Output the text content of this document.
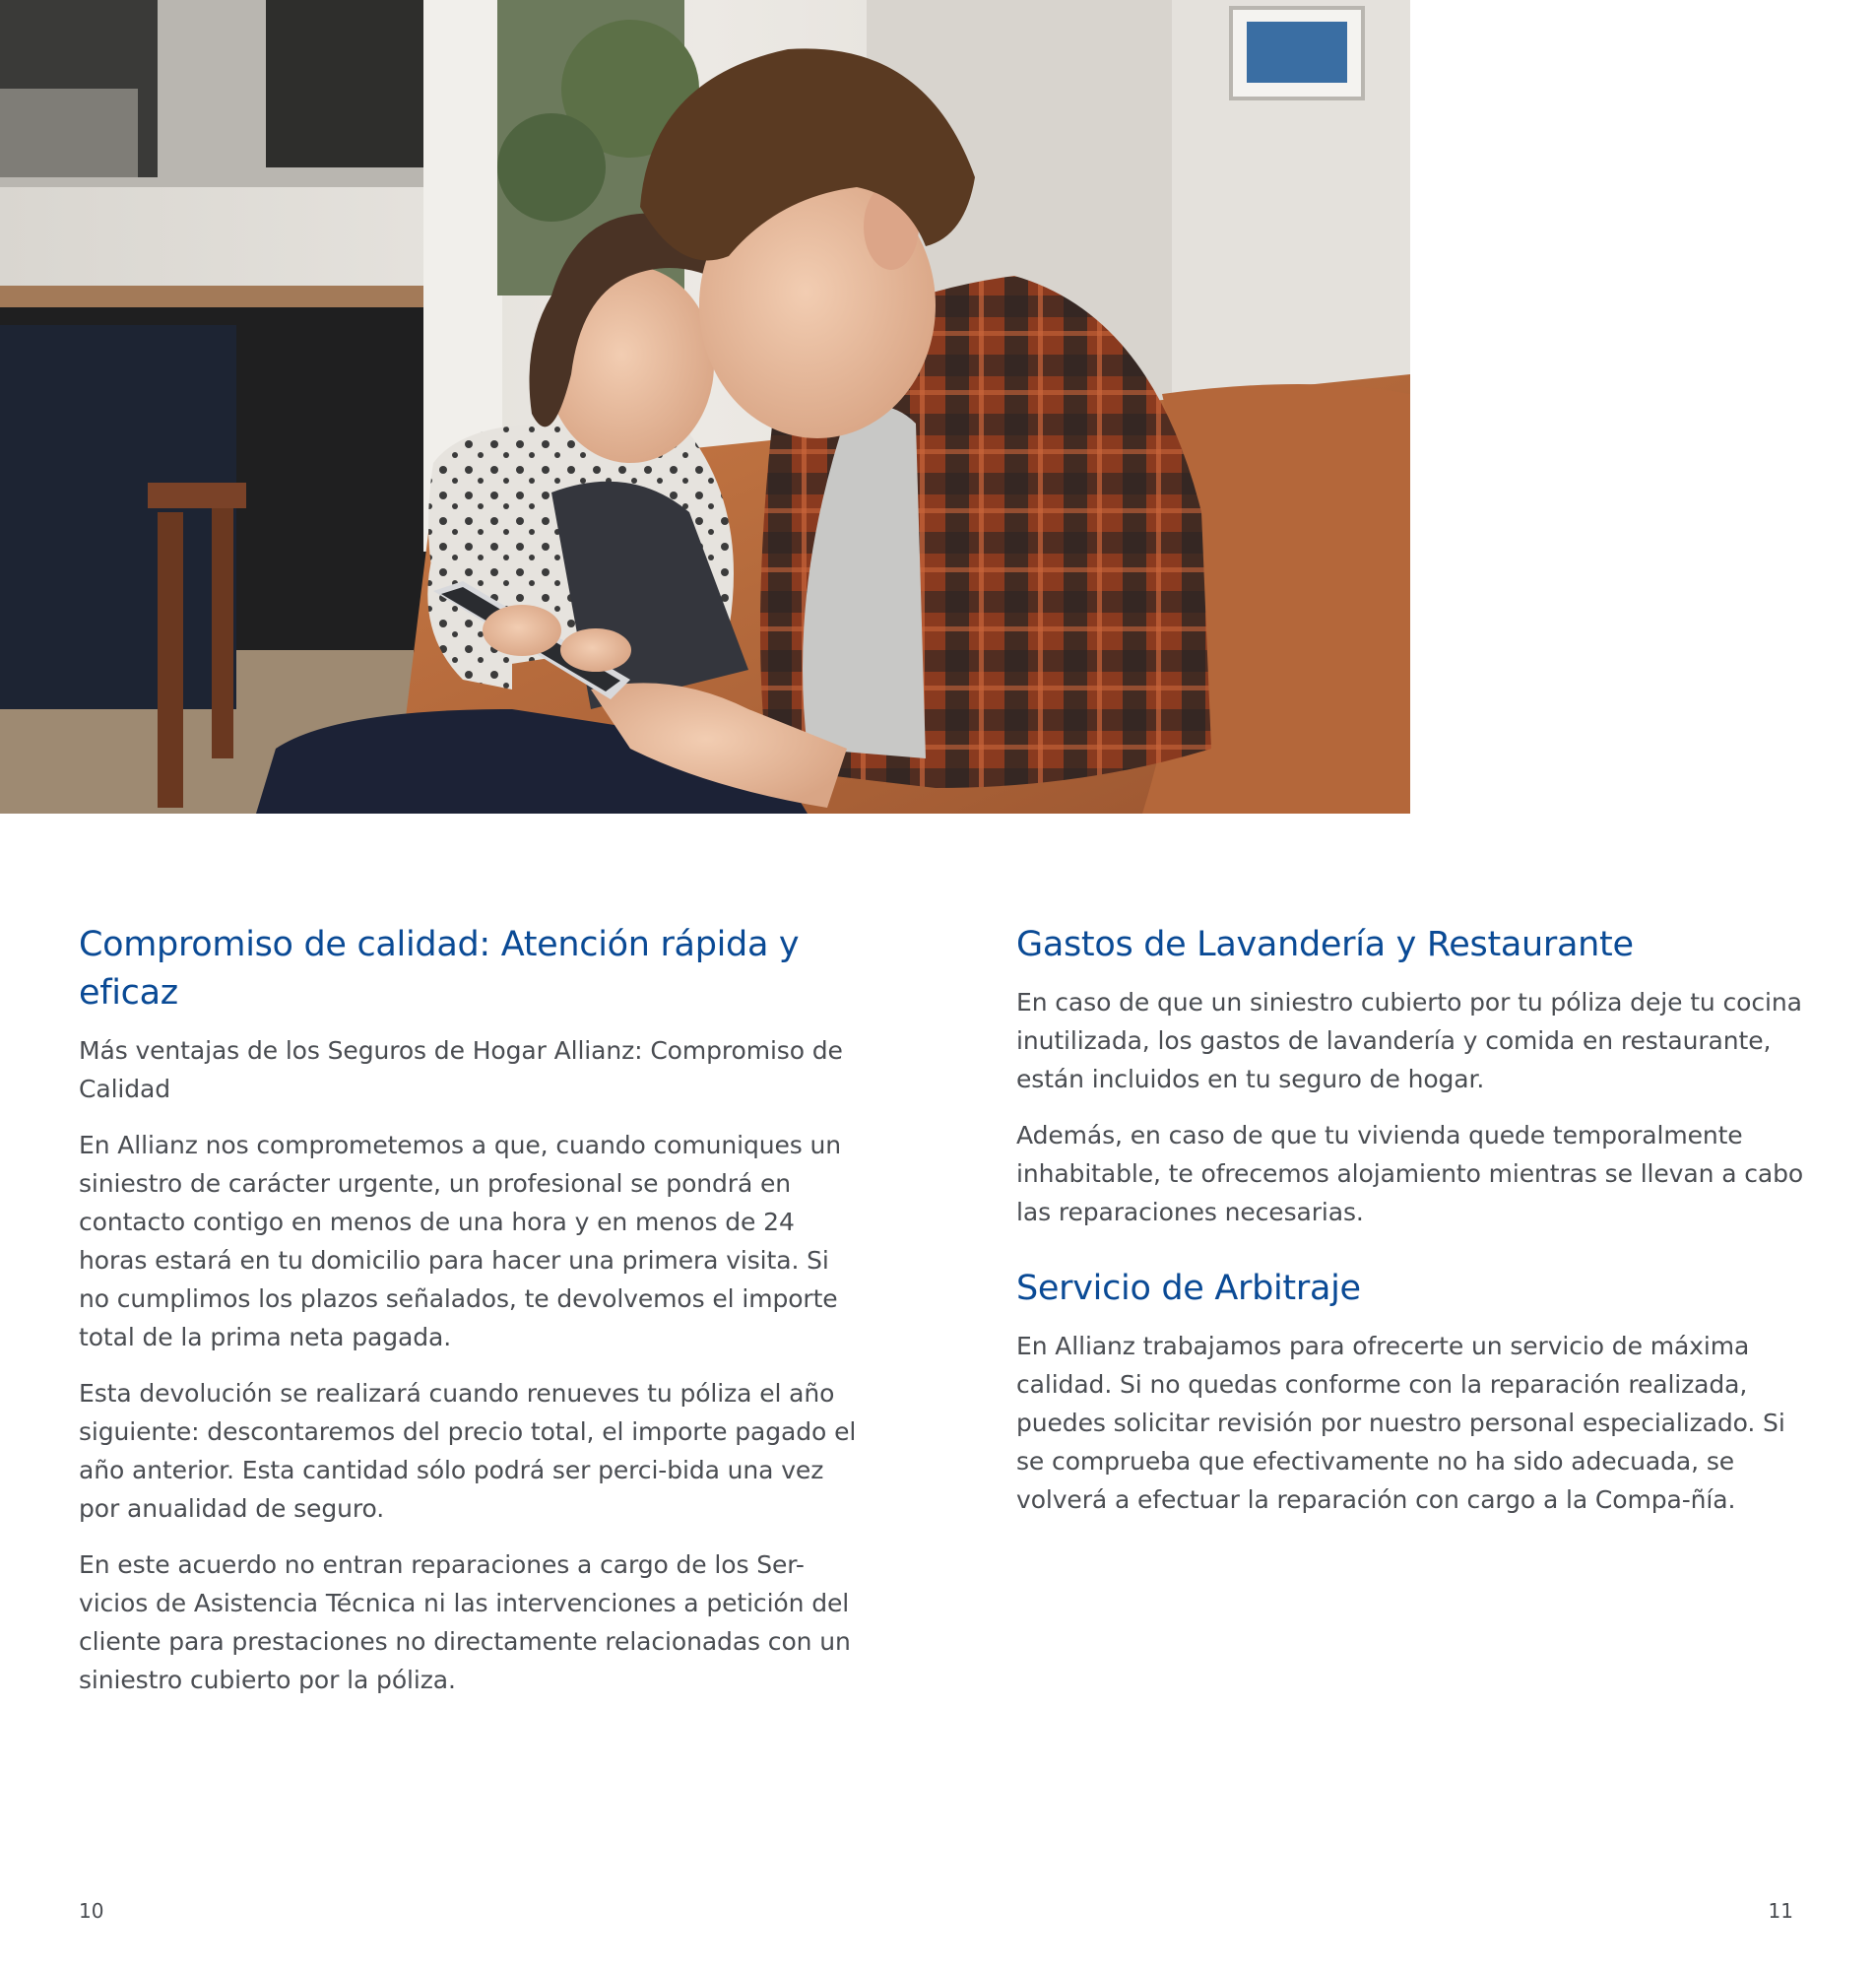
Compromiso de calidad: Atención rápida y eficaz

Más ventajas de los Seguros de Hogar Allianz: Compromiso de Calidad

En Allianz nos comprometemos a que, cuando comuniques un siniestro de carácter urgente, un profesional se pondrá en contacto contigo en menos de una hora y en menos de 24 horas estará en tu domicilio para hacer una primera visita. Si no cumplimos los plazos señalados, te devolvemos el importe total de la prima neta pagada.

Esta devolución se realizará cuando renueves tu póliza el año siguiente: descontaremos del precio total, el importe pagado el año anterior. Esta cantidad sólo podrá ser perci-bida una vez por anualidad de seguro.

En este acuerdo no entran reparaciones a cargo de los Ser-vicios de Asistencia Técnica ni las intervenciones a petición del cliente para prestaciones no directamente relacionadas con un siniestro cubierto por la póliza.

Gastos de Lavandería y Restaurante

En caso de que un siniestro cubierto por tu póliza deje tu cocina inutilizada, los gastos de lavandería y comida en restaurante, están incluidos en tu seguro de hogar.

Además, en caso de que tu vivienda quede temporalmente inhabitable, te ofrecemos alojamiento mientras se llevan a cabo las reparaciones necesarias.

Servicio de Arbitraje

En Allianz trabajamos para ofrecerte un servicio de máxima calidad. Si no quedas conforme con la reparación realizada, puedes solicitar revisión por nuestro personal especializado. Si se comprueba que efectivamente no ha sido adecuada, se volverá a efectuar la reparación con cargo a la Compa-ñía.

10	11
